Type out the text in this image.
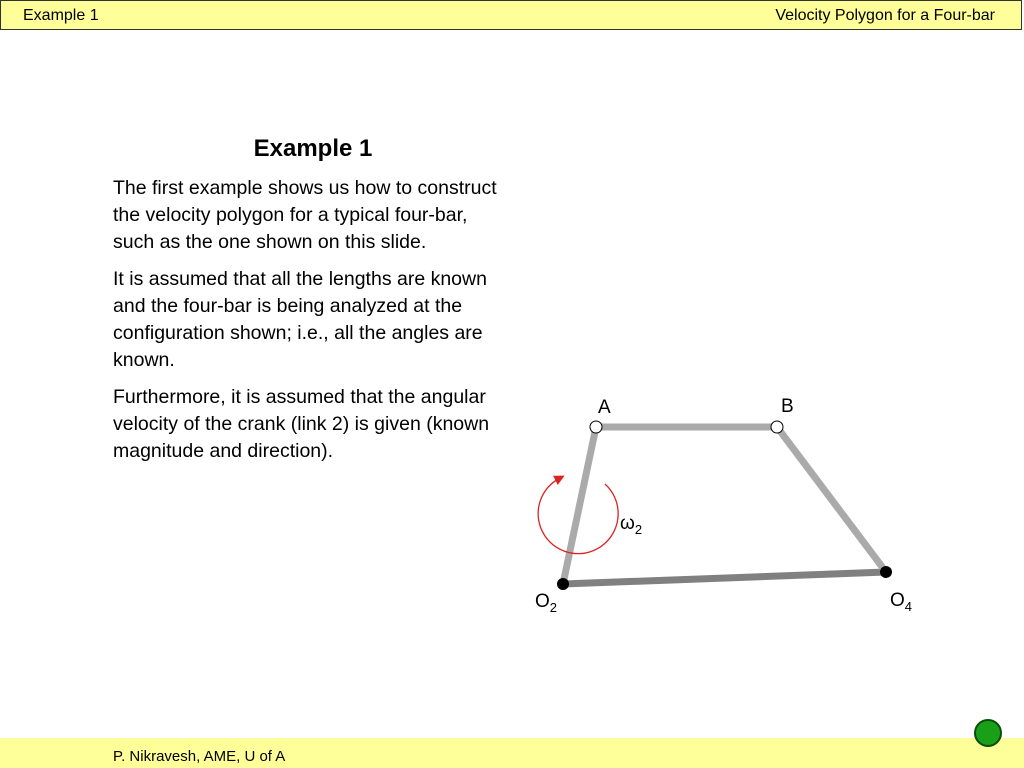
Example 1	Velocity Polygon for a Four-bar
Example 1

The first example shows us how to construct the velocity polygon for a typical four-bar, such as the one shown on this slide.

It is assumed that all the lengths are known and the four-bar is being analyzed at the configuration shown; i.e., all the angles are known.

Furthermore, it is assumed that the angular velocity of the crank (link 2) is given (known magnitude and direction).

A	B
$O_2$	$O_4$
$\omega_2$
P. Nikravesh, AME, U of A
